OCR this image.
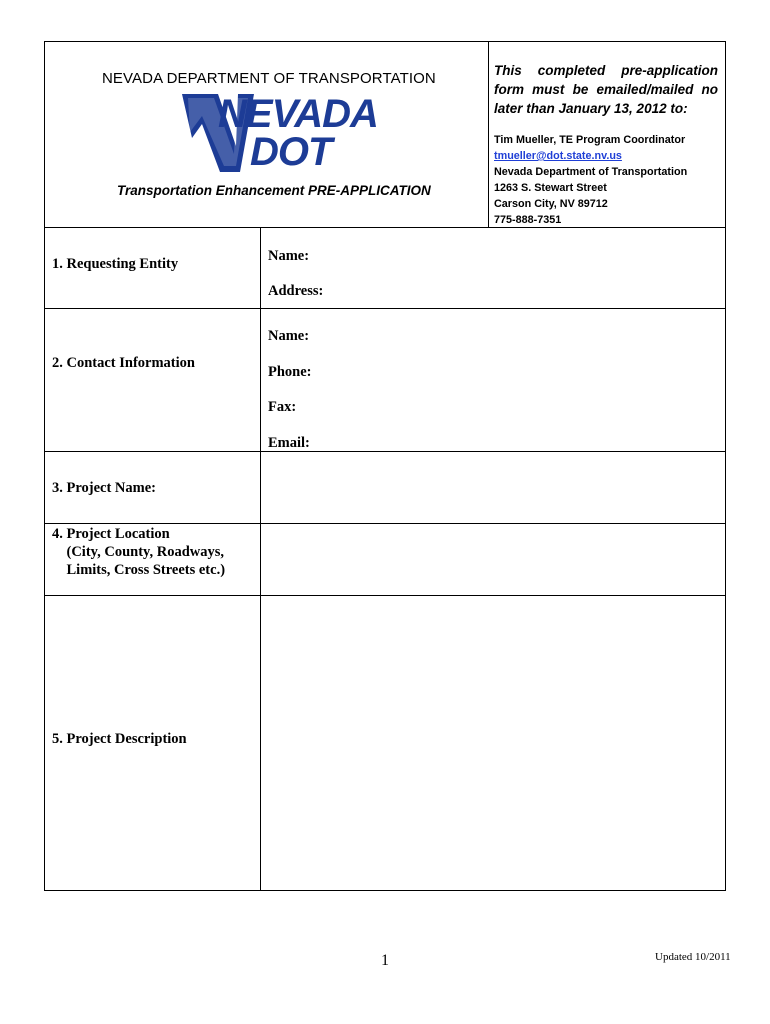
NEVADA DEPARTMENT OF TRANSPORTATION
NEVADA
DOT
Transportation Enhancement PRE-APPLICATION
This completed pre-application
form must be emailed/mailed no
later than January 13, 2012 to:
Tim Mueller, TE Program Coordinator
tmueller@dot.state.nv.us
Nevada Department of Transportation
1263 S. Stewart Street
Carson City, NV 89712
775-888-7351
1. Requesting Entity	Name:
Address:
2. Contact Information
Name:
Phone:
Fax:
Email:
3. Project Name:
4. Project Location
(City, County, Roadways,
Limits, Cross Streets etc.)
5. Project Description
1	Updated 10/2011
